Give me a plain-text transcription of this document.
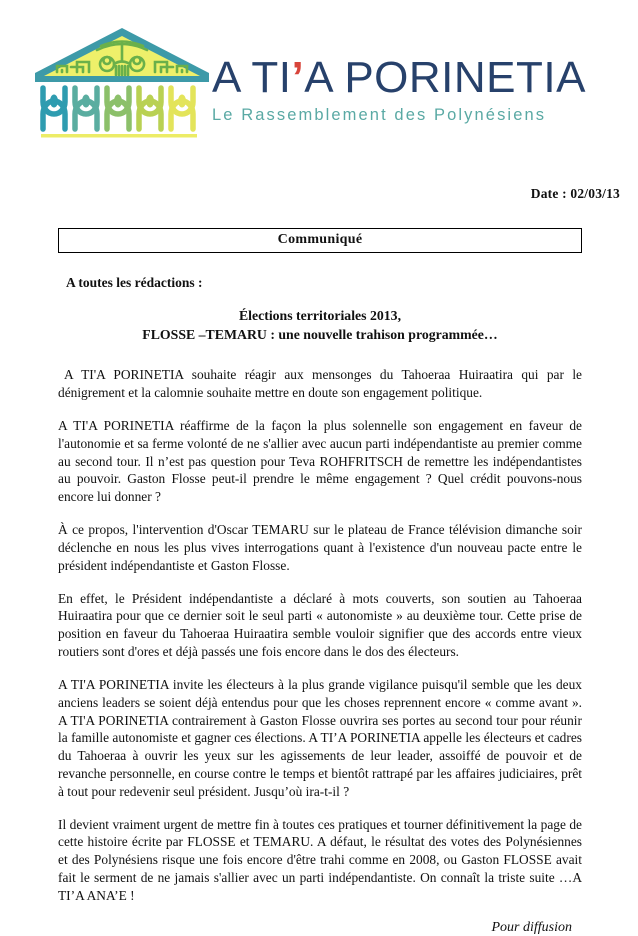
A TI’A PORINETIA
Le Rassemblement des Polynésiens
Date : 02/03/13
Communiqué
A toutes les rédactions :
Élections territoriales 2013,
FLOSSE –TEMARU : une nouvelle trahison programmée…

A TI'A PORINETIA souhaite réagir aux mensonges du Tahoeraa Huiraatira qui par le dénigrement et la calomnie souhaite mettre en doute son engagement politique.

A TI'A PORINETIA réaffirme de la façon la plus solennelle son engagement en faveur de l'autonomie et sa ferme volonté de ne s'allier avec aucun parti indépendantiste au premier comme au second tour. Il n’est pas question pour Teva ROHFRITSCH de remettre les indépendantistes au pouvoir. Gaston Flosse peut-il prendre le même engagement ? Quel crédit pouvons-nous encore lui donner ?

À ce propos, l'intervention d'Oscar TEMARU sur le plateau de France télévision dimanche soir déclenche en nous les plus vives interrogations quant à l'existence d'un nouveau pacte entre le président indépendantiste et Gaston Flosse.

En effet, le Président indépendantiste a déclaré à mots couverts, son soutien au Tahoeraa Huiraatira pour que ce dernier soit le seul parti « autonomiste » au deuxième tour. Cette prise de position en faveur du Tahoeraa Huiraatira semble vouloir signifier que des accords entre vieux routiers sont d'ores et déjà passés une fois encore dans le dos des électeurs.

A TI'A PORINETIA invite les électeurs à la plus grande vigilance puisqu'il semble que les deux anciens leaders se soient déjà entendus pour que les choses reprennent encore « comme avant ». A TI'A PORINETIA contrairement à Gaston Flosse ouvrira ses portes au second tour pour réunir la famille autonomiste et gagner ces élections. A TI’A PORINETIA appelle les électeurs et cadres du Tahoeraa à ouvrir les yeux sur les agissements de leur leader, assoiffé de pouvoir et de revanche personnelle, en course contre le temps et bientôt rattrapé par les affaires judiciaires, prêt à tout pour redevenir seul président. Jusqu’où ira-t-il ?

Il devient vraiment urgent de mettre fin à toutes ces pratiques et tourner définitivement la page de cette histoire écrite par FLOSSE et TEMARU. A défaut, le résultat des votes des Polynésiennes et des Polynésiens risque une fois encore d'être trahi comme en 2008, ou Gaston FLOSSE avait fait le serment de ne jamais s'allier avec un parti indépendantiste. On connaît la triste suite …A TI’A ANA’E !

Pour diffusion
